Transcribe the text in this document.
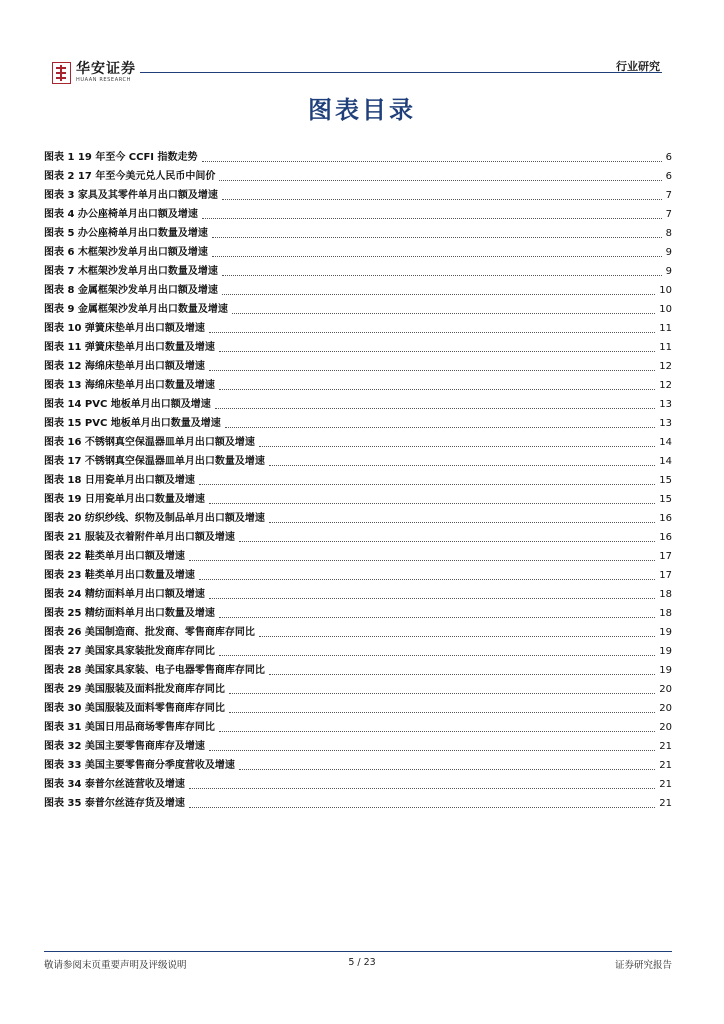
华安证券
HUAAN RESEARCH
行业研究
图表目录
图表 1 19 年至今 CCFI 指数走势	6
图表 2 17 年至今美元兑人民币中间价	6
图表 3 家具及其零件单月出口额及增速	7
图表 4 办公座椅单月出口额及增速	7
图表 5 办公座椅单月出口数量及增速	8
图表 6 木框架沙发单月出口额及增速	9
图表 7 木框架沙发单月出口数量及增速	9
图表 8 金属框架沙发单月出口额及增速	10
图表 9 金属框架沙发单月出口数量及增速	10
图表 10 弹簧床垫单月出口额及增速	11
图表 11 弹簧床垫单月出口数量及增速	11
图表 12 海绵床垫单月出口额及增速	12
图表 13 海绵床垫单月出口数量及增速	12
图表 14 PVC 地板单月出口额及增速	13
图表 15 PVC 地板单月出口数量及增速	13
图表 16 不锈钢真空保温器皿单月出口额及增速	14
图表 17 不锈钢真空保温器皿单月出口数量及增速	14
图表 18 日用瓷单月出口额及增速	15
图表 19 日用瓷单月出口数量及增速	15
图表 20 纺织纱线、织物及制品单月出口额及增速	16
图表 21 服装及衣着附件单月出口额及增速	16
图表 22 鞋类单月出口额及增速	17
图表 23 鞋类单月出口数量及增速	17
图表 24 精纺面料单月出口额及增速	18
图表 25 精纺面料单月出口数量及增速	18
图表 26 美国制造商、批发商、零售商库存同比	19
图表 27 美国家具家装批发商库存同比	19
图表 28 美国家具家装、电子电器零售商库存同比	19
图表 29 美国服装及面料批发商库存同比	20
图表 30 美国服装及面料零售商库存同比	20
图表 31 美国日用品商场零售库存同比	20
图表 32 美国主要零售商库存及增速	21
图表 33 美国主要零售商分季度营收及增速	21
图表 34 泰普尔丝涟营收及增速	21
图表 35 泰普尔丝涟存货及增速	21
敬请参阅末页重要声明及评级说明	5 / 23	证券研究报告
